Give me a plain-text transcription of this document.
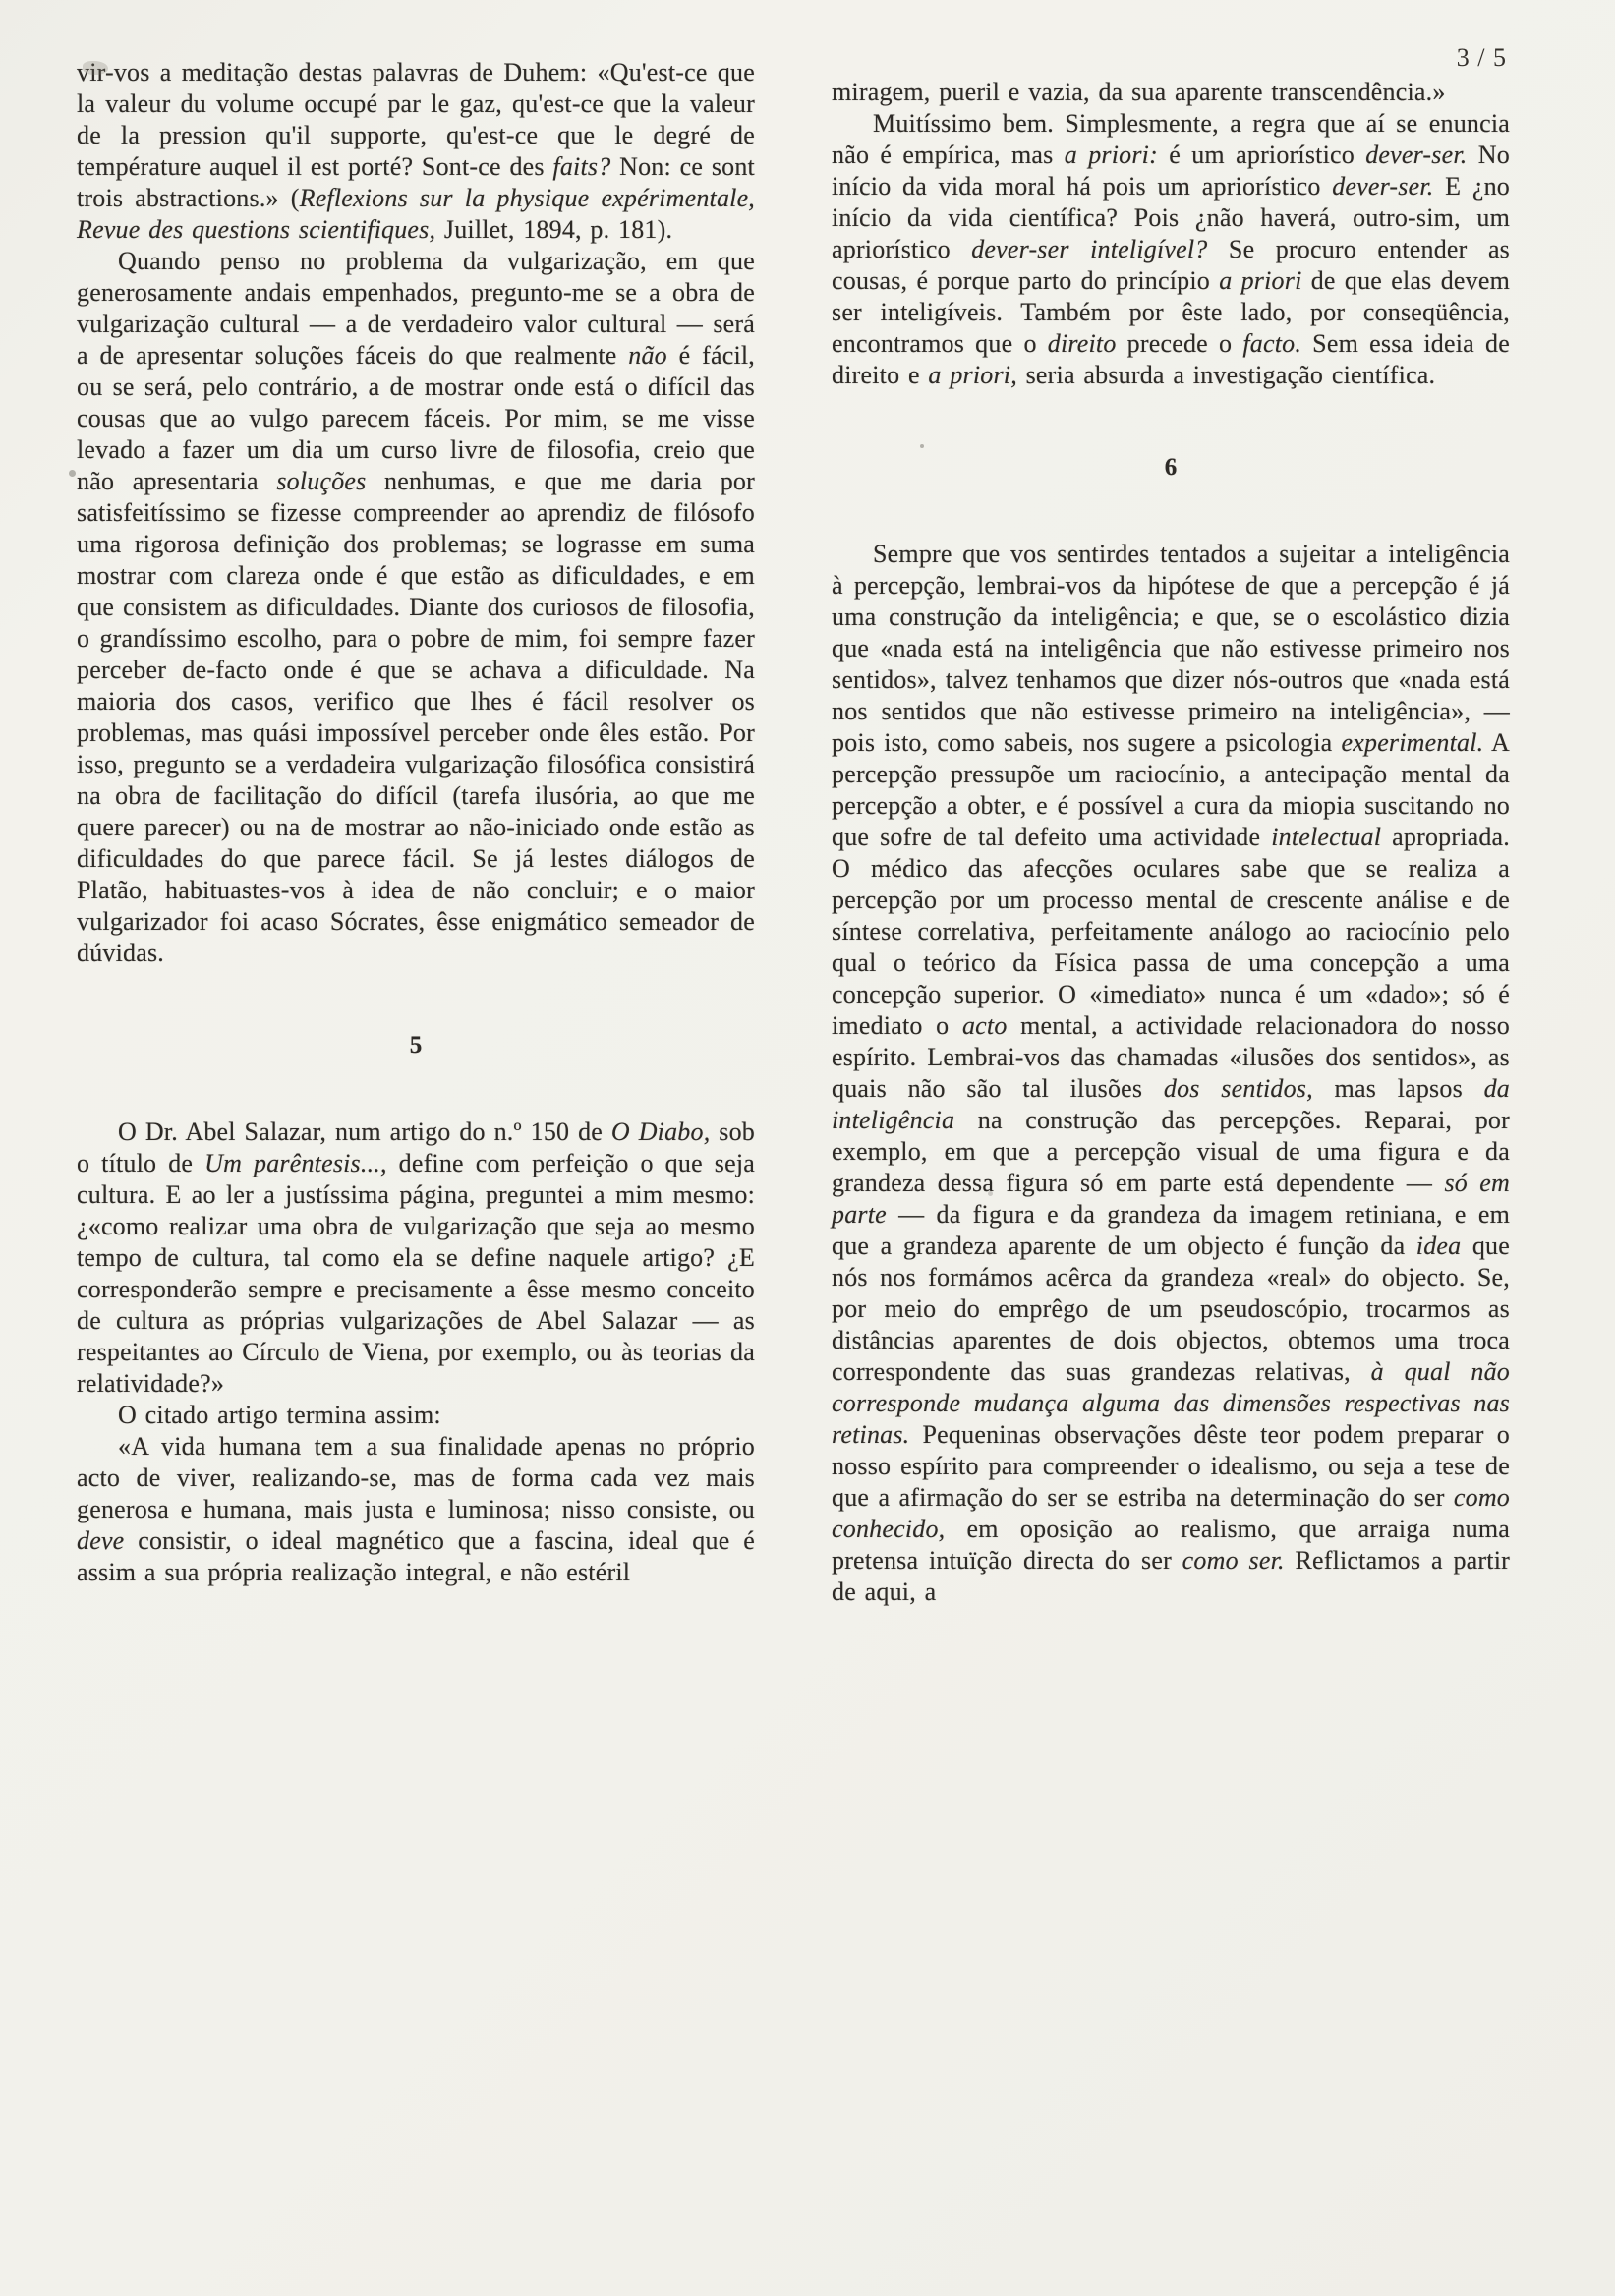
3 / 5

vir-vos a meditação destas palavras de Duhem: «Qu'est-ce que la valeur du volume occupé par le gaz, qu'est-ce que la valeur de la pression qu'il supporte, qu'est-ce que le degré de température auquel il est porté? Sont-ce des faits? Non: ce sont trois abstractions.» (Reflexions sur la physique expérimentale, Revue des questions scientifiques, Juillet, 1894, p. 181).

Quando penso no problema da vulgarização, em que generosamente andais empenhados, pregunto-me se a obra de vulgarização cultural — a de verdadeiro valor cultural — será a de apresentar soluções fáceis do que realmente não é fácil, ou se será, pelo contrário, a de mostrar onde está o difícil das cousas que ao vulgo parecem fáceis. Por mim, se me visse levado a fazer um dia um curso livre de filosofia, creio que não apresentaria soluções nenhumas, e que me daria por satisfeitíssimo se fizesse compreender ao aprendiz de filósofo uma rigorosa definição dos problemas; se lograsse em suma mostrar com clareza onde é que estão as dificuldades, e em que consistem as dificuldades. Diante dos curiosos de filosofia, o grandíssimo escolho, para o pobre de mim, foi sempre fazer perceber de-facto onde é que se achava a dificuldade. Na maioria dos casos, verifico que lhes é fácil resolver os problemas, mas quási impossível perceber onde êles estão. Por isso, pregunto se a verdadeira vulgarização filosófica consistirá na obra de facilitação do difícil (tarefa ilusória, ao que me quere parecer) ou na de mostrar ao não-iniciado onde estão as dificuldades do que parece fácil. Se já lestes diálogos de Platão, habituastes-vos à idea de não concluir; e o maior vulgarizador foi acaso Sócrates, êsse enigmático semeador de dúvidas.

5

O Dr. Abel Salazar, num artigo do n.º 150 de O Diabo, sob o título de Um parêntesis..., define com perfeição o que seja cultura. E ao ler a justíssima página, preguntei a mim mesmo: ¿«como realizar uma obra de vulgarização que seja ao mesmo tempo de cultura, tal como ela se define naquele artigo? ¿E corresponderão sempre e precisamente a êsse mesmo conceito de cultura as próprias vulgarizações de Abel Salazar — as respeitantes ao Círculo de Viena, por exemplo, ou às teorias da relatividade?»

O citado artigo termina assim:

«A vida humana tem a sua finalidade apenas no próprio acto de viver, realizando-se, mas de forma cada vez mais generosa e humana, mais justa e luminosa; nisso consiste, ou deve consistir, o ideal magnético que a fascina, ideal que é assim a sua própria realização integral, e não estéril

miragem, pueril e vazia, da sua aparente transcendência.»

Muitíssimo bem. Simplesmente, a regra que aí se enuncia não é empírica, mas a priori: é um apriorístico dever-ser. No início da vida moral há pois um apriorístico dever-ser. E ¿no início da vida científica? Pois ¿não haverá, outro-sim, um apriorístico dever-ser inteligível? Se procuro entender as cousas, é porque parto do princípio a priori de que elas devem ser inteligíveis. Também por êste lado, por conseqüência, encontramos que o direito precede o facto. Sem essa ideia de direito e a priori, seria absurda a investigação científica.

6

Sempre que vos sentirdes tentados a sujeitar a inteligência à percepção, lembrai-vos da hipótese de que a percepção é já uma construção da inteligência; e que, se o escolástico dizia que «nada está na inteligência que não estivesse primeiro nos sentidos», talvez tenhamos que dizer nós-outros que «nada está nos sentidos que não estivesse primeiro na inteligência», — pois isto, como sabeis, nos sugere a psicologia experimental. A percepção pressupõe um raciocínio, a antecipação mental da percepção a obter, e é possível a cura da miopia suscitando no que sofre de tal defeito uma actividade intelectual apropriada. O médico das afecções oculares sabe que se realiza a percepção por um processo mental de crescente análise e de síntese correlativa, perfeitamente análogo ao raciocínio pelo qual o teórico da Física passa de uma concepção a uma concepção superior. O «imediato» nunca é um «dado»; só é imediato o acto mental, a actividade relacionadora do nosso espírito. Lembrai-vos das chamadas «ilusões dos sentidos», as quais não são tal ilusões dos sentidos, mas lapsos da inteligência na construção das percepções. Reparai, por exemplo, em que a percepção visual de uma figura e da grandeza dessa figura só em parte está dependente — só em parte — da figura e da grandeza da imagem retiniana, e em que a grandeza aparente de um objecto é função da idea que nós nos formámos acêrca da grandeza «real» do objecto. Se, por meio do emprêgo de um pseudoscópio, trocarmos as distâncias aparentes de dois objectos, obtemos uma troca correspondente das suas grandezas relativas, à qual não corresponde mudança alguma das dimensões respectivas nas retinas. Pequeninas observações dêste teor podem preparar o nosso espírito para compreender o idealismo, ou seja a tese de que a afirmação do ser se estriba na determinação do ser como conhecido, em oposição ao realismo, que arraiga numa pretensa intuïção directa do ser como ser. Reflictamos a partir de aqui, a
